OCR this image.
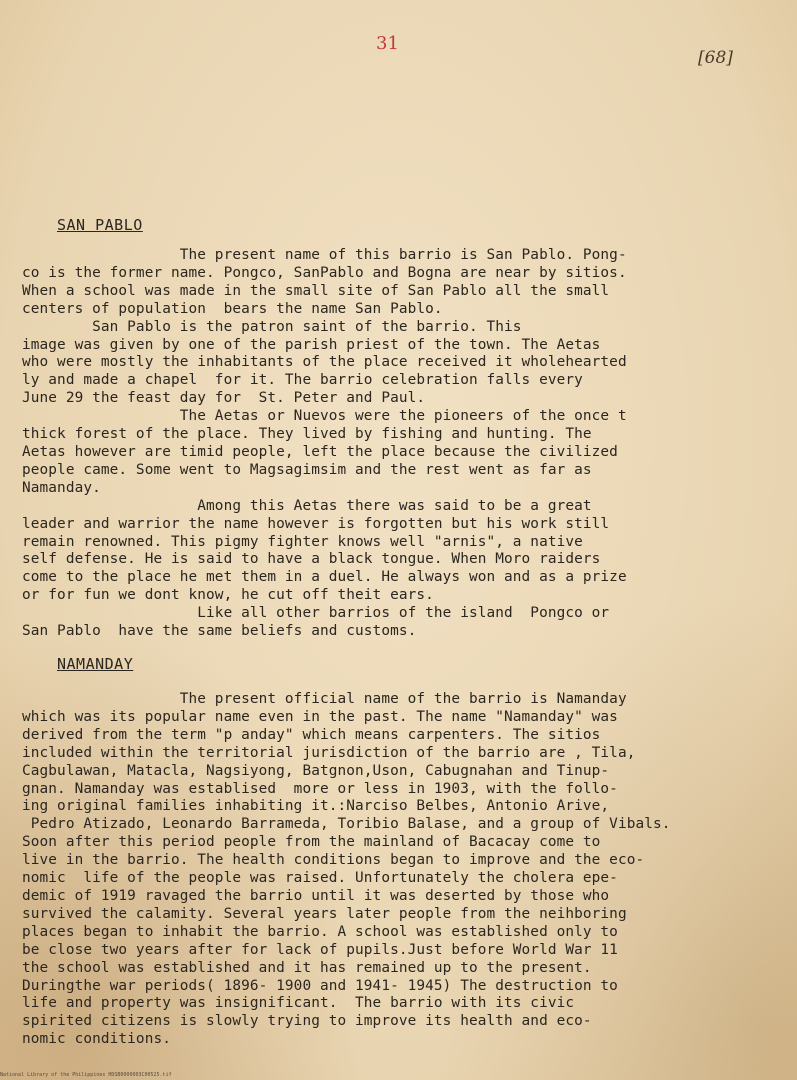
31
[68]
SAN PABLO

The present name of this barrio is San Pablo. Pong-

co is the former name. Pongco, SanPablo and Bogna are near by sitios.

When a school was made in the small site of San Pablo all the small

centers of population  bears the name San Pablo.

San Pablo is the patron saint of the barrio. This

image was given by one of the parish priest of the town. The Aetas

who were mostly the inhabitants of the place received it wholehearted

ly and made a chapel  for it. The barrio celebration falls every

June 29 the feast day for  St. Peter and Paul.

The Aetas or Nuevos were the pioneers of the once t

thick forest of the place. They lived by fishing and hunting. The

Aetas however are timid people, left the place because the civilized

people came. Some went to Magsagimsim and the rest went as far as

Namanday.

Among this Aetas there was said to be a great

leader and warrior the name however is forgotten but his work still

remain renowned. This pigmy fighter knows well "arnis", a native

self defense. He is said to have a black tongue. When Moro raiders

come to the place he met them in a duel. He always won and as a prize

or for fun we dont know, he cut off theit ears.

Like all other barrios of the island  Pongco or

San Pablo  have the same beliefs and customs.

NAMANDAY

The present official name of the barrio is Namanday

which was its popular name even in the past. The name "Namanday" was

derived from the term "p anday" which means carpenters. The sitios

included within the territorial jurisdiction of the barrio are , Tila,

Cagbulawan, Matacla, Nagsiyong, Batgnon,Uson, Cabugnahan and Tinup-

gnan. Namanday was establised  more or less in 1903, with the follo-

ing original families inhabiting it.:Narciso Belbes, Antonio Arive,

Pedro Atizado, Leonardo Barrameda, Toribio Balase, and a group of Vibals.

Soon after this period people from the mainland of Bacacay come to

live in the barrio. The health conditions began to improve and the eco-

nomic  life of the people was raised. Unfortunately the cholera epe-

demic of 1919 ravaged the barrio until it was deserted by those who

survived the calamity. Several years later people from the neihboring

places began to inhabit the barrio. A school was established only to

be close two years after for lack of pupils.Just before World War 11

the school was established and it has remained up to the present.

Duringthe war periods( 1896- 1900 and 1941- 1945) The destruction to

life and property was insignificant.  The barrio with its civic

spirited citizens is slowly trying to improve its health and eco-

nomic conditions.

National Library of the Philippines HDSB0000003C00525.tif
